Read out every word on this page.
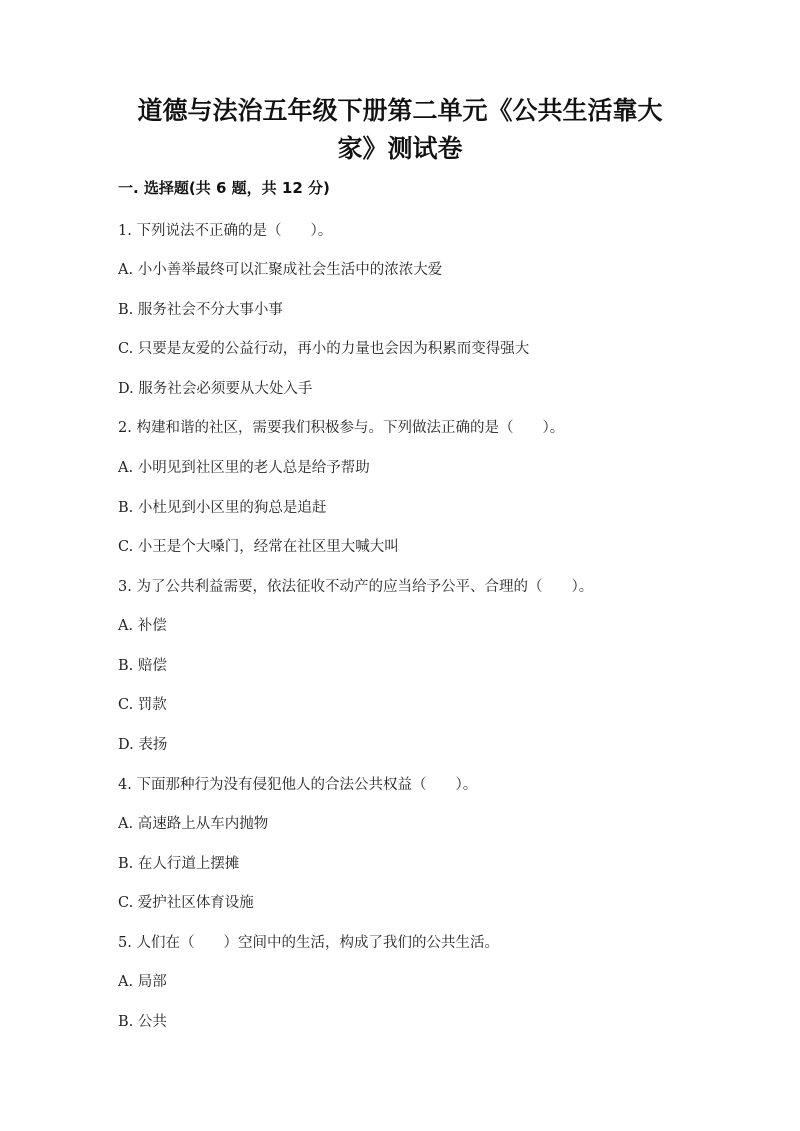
道德与法治五年级下册第二单元《公共生活靠大家》测试卷
一. 选择题(共 6 题，共 12 分)
1. 下列说法不正确的是（　　）。
A. 小小善举最终可以汇聚成社会生活中的浓浓大爱
B. 服务社会不分大事小事
C. 只要是友爱的公益行动，再小的力量也会因为积累而变得强大
D. 服务社会必须要从大处入手
2. 构建和谐的社区，需要我们积极参与。下列做法正确的是（　　）。
A. 小明见到社区里的老人总是给予帮助
B. 小杜见到小区里的狗总是追赶
C. 小王是个大嗓门，经常在社区里大喊大叫
3. 为了公共利益需要，依法征收不动产的应当给予公平、合理的（　　）。
A. 补偿
B. 赔偿
C. 罚款
D. 表扬
4. 下面那种行为没有侵犯他人的合法公共权益（　　）。
A. 高速路上从车内抛物
B. 在人行道上摆摊
C. 爱护社区体育设施
5. 人们在（　　）空间中的生活，构成了我们的公共生活。
A. 局部
B. 公共
